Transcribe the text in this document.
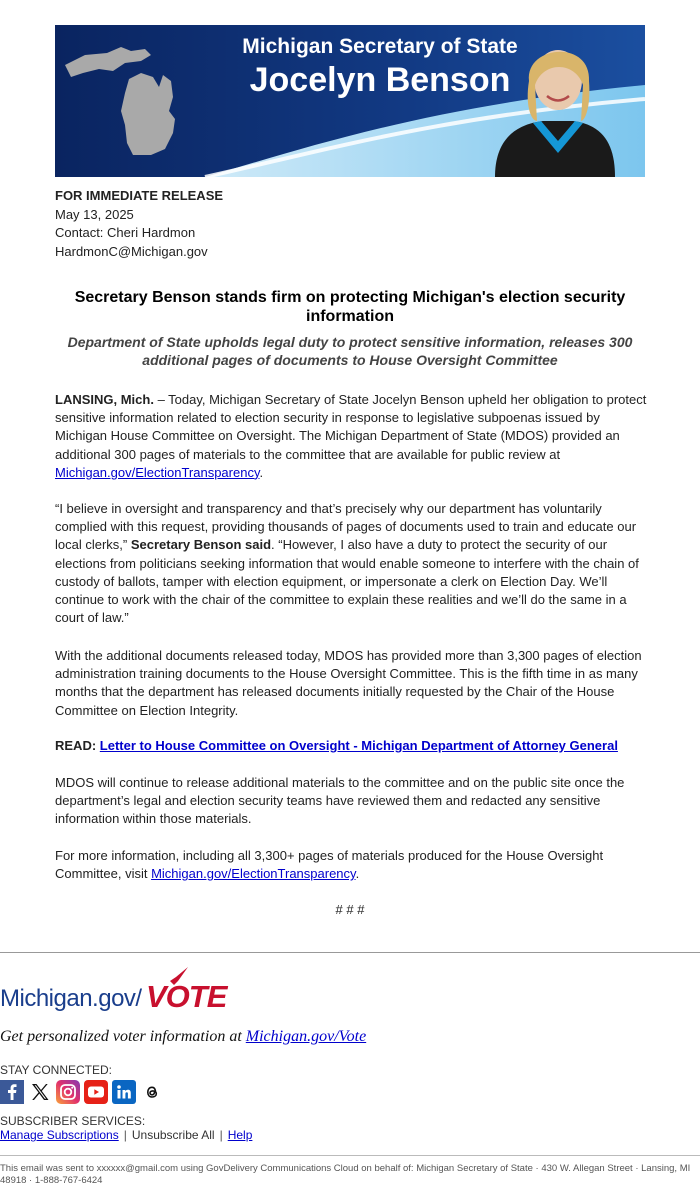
Michigan Secretary of State
Jocelyn Benson
FOR IMMEDIATE RELEASE
May 13, 2025
Contact: Cheri Hardmon
HardmonC@Michigan.gov
Secretary Benson stands firm on protecting Michigan's election security information
Department of State upholds legal duty to protect sensitive information, releases 300 additional pages of documents to House Oversight Committee
LANSING, Mich. – Today, Michigan Secretary of State Jocelyn Benson upheld her obligation to protect sensitive information related to election security in response to legislative subpoenas issued by Michigan House Committee on Oversight. The Michigan Department of State (MDOS) provided an additional 300 pages of materials to the committee that are available for public review at Michigan.gov/ElectionTransparency.
“I believe in oversight and transparency and that’s precisely why our department has voluntarily complied with this request, providing thousands of pages of documents used to train and educate our local clerks,” Secretary Benson said. “However, I also have a duty to protect the security of our elections from politicians seeking information that would enable someone to interfere with the chain of custody of ballots, tamper with election equipment, or impersonate a clerk on Election Day. We’ll continue to work with the chair of the committee to explain these realities and we’ll do the same in a court of law.”
With the additional documents released today, MDOS has provided more than 3,300 pages of election administration training documents to the House Oversight Committee. This is the fifth time in as many months that the department has released documents initially requested by the Chair of the House Committee on Election Integrity.
READ: Letter to House Committee on Oversight - Michigan Department of Attorney General
MDOS will continue to release additional materials to the committee and on the public site once the department’s legal and election security teams have reviewed them and redacted any sensitive information within those materials.
For more information, including all 3,300+ pages of materials produced for the House Oversight Committee, visit Michigan.gov/ElectionTransparency.
# # #
Michigan.gov/ VOTE
Get personalized voter information at Michigan.gov/Vote
STAY CONNECTED:
SUBSCRIBER SERVICES:
Manage Subscriptions | Unsubscribe All | Help
This email was sent to xxxxxx@gmail.com using GovDelivery Communications Cloud on behalf of: Michigan Secretary of State · 430 W. Allegan Street · Lansing, MI 48918 · 1-888-767-6424
